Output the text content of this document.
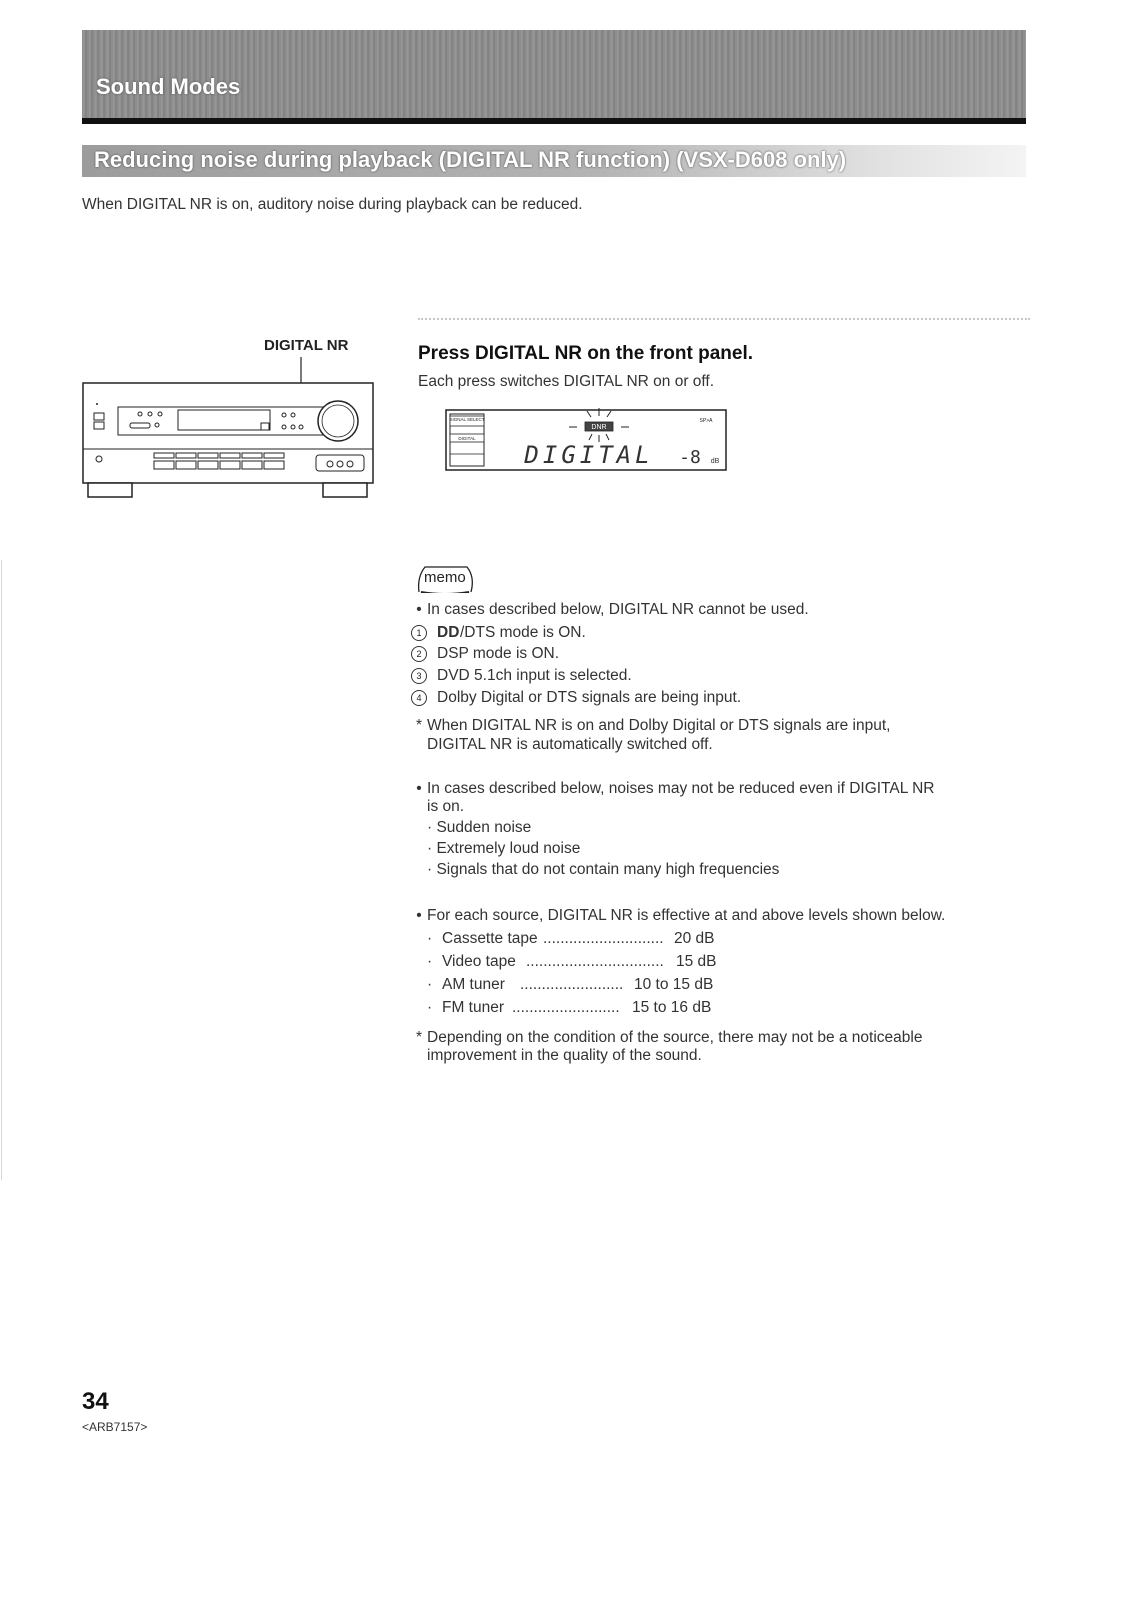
Sound Modes
Reducing noise during playback (DIGITAL NR function) (VSX-D608 only)
When DIGITAL NR is on, auditory noise during playback can be reduced.
DIGITAL NR	Press DIGITAL NR on the front panel.
Each press switches DIGITAL NR on or off.
SIGNAL SELECT
DIGITAL
DNR
SP>A
DIGITAL -8 dB
memo
• In cases described below, DIGITAL NR cannot be used.
1	DD /DTS mode is ON.
2	DSP mode is ON.
3	DVD 5.1ch input is selected.
4	Dolby Digital or DTS signals are being input.
* When DIGITAL NR is on and Dolby Digital or DTS signals are input,
DIGITAL NR is automatically switched off.
• In cases described below, noises may not be reduced even if DIGITAL NR
is on.
· Sudden noise
· Extremely loud noise
· Signals that do not contain many high frequencies
• For each source, DIGITAL NR is effective at and above levels shown below.
· Cassette tape ............................ 20 dB
· Video tape ................................ 15 dB
· AM tuner ........................ 10 to 15 dB
· FM tuner ......................... 15 to 16 dB
* Depending on the condition of the source, there may not be a noticeable
improvement in the quality of the sound.
34
<ARB7157>
